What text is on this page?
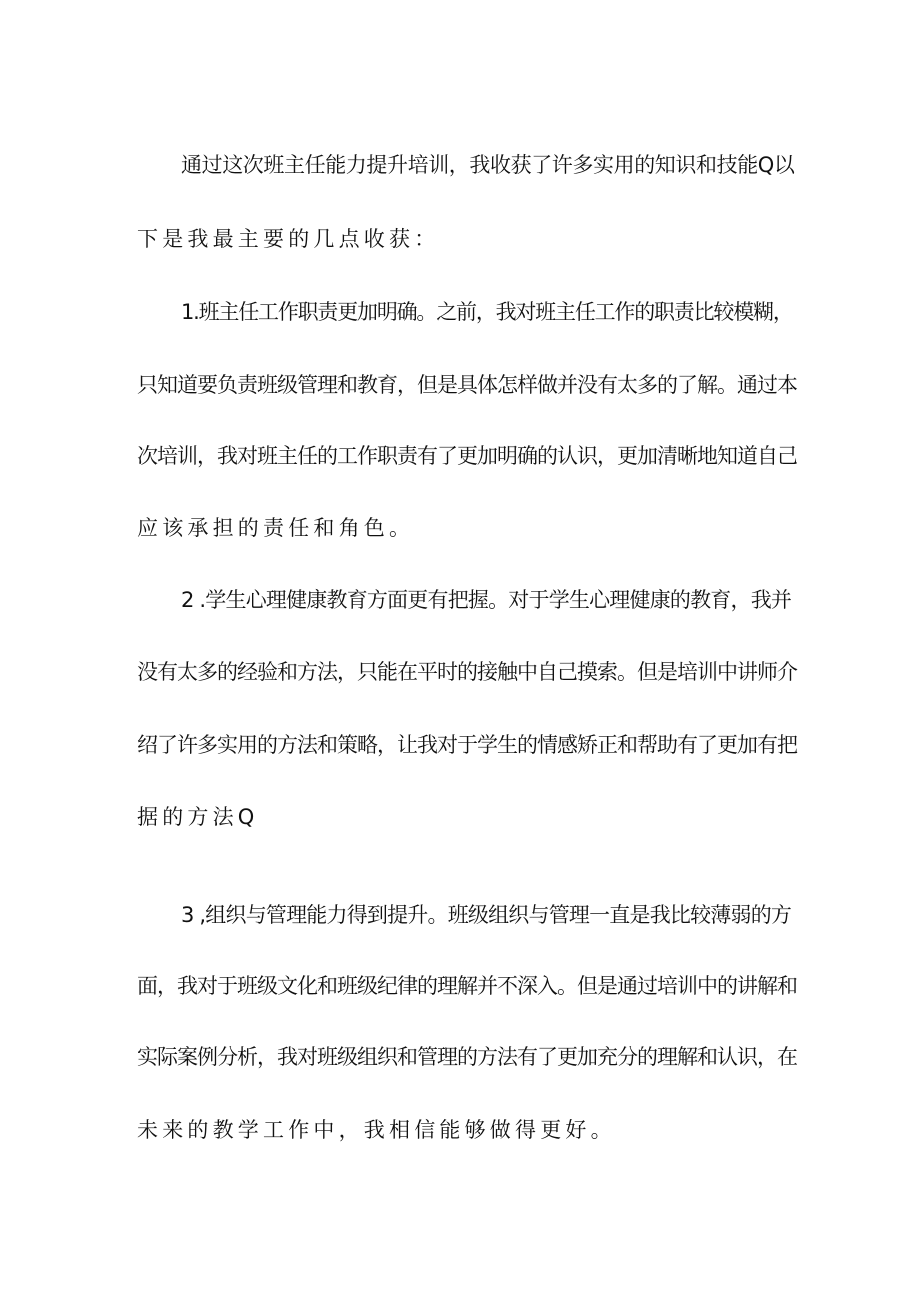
通过这次班主任能力提升培训，我收获了许多实用的知识和技能Q以
下是我最主要的几点收获：
1.班主任工作职责更加明确。之前，我对班主任工作的职责比较模糊，
只知道要负责班级管理和教育，但是具体怎样做并没有太多的了解。通过本
次培训，我对班主任的工作职责有了更加明确的认识，更加清晰地知道自己
应该承担的责任和角色。
2 .学生心理健康教育方面更有把握。对于学生心理健康的教育，我并
没有太多的经验和方法，只能在平时的接触中自己摸索。但是培训中讲师介
绍了许多实用的方法和策略，让我对于学生的情感矫正和帮助有了更加有把
据的方法Q
3 ,组织与管理能力得到提升。班级组织与管理一直是我比较薄弱的方
面，我对于班级文化和班级纪律的理解并不深入。但是通过培训中的讲解和
实际案例分析，我对班级组织和管理的方法有了更加充分的理解和认识，在
未来的教学工作中，我相信能够做得更好。
